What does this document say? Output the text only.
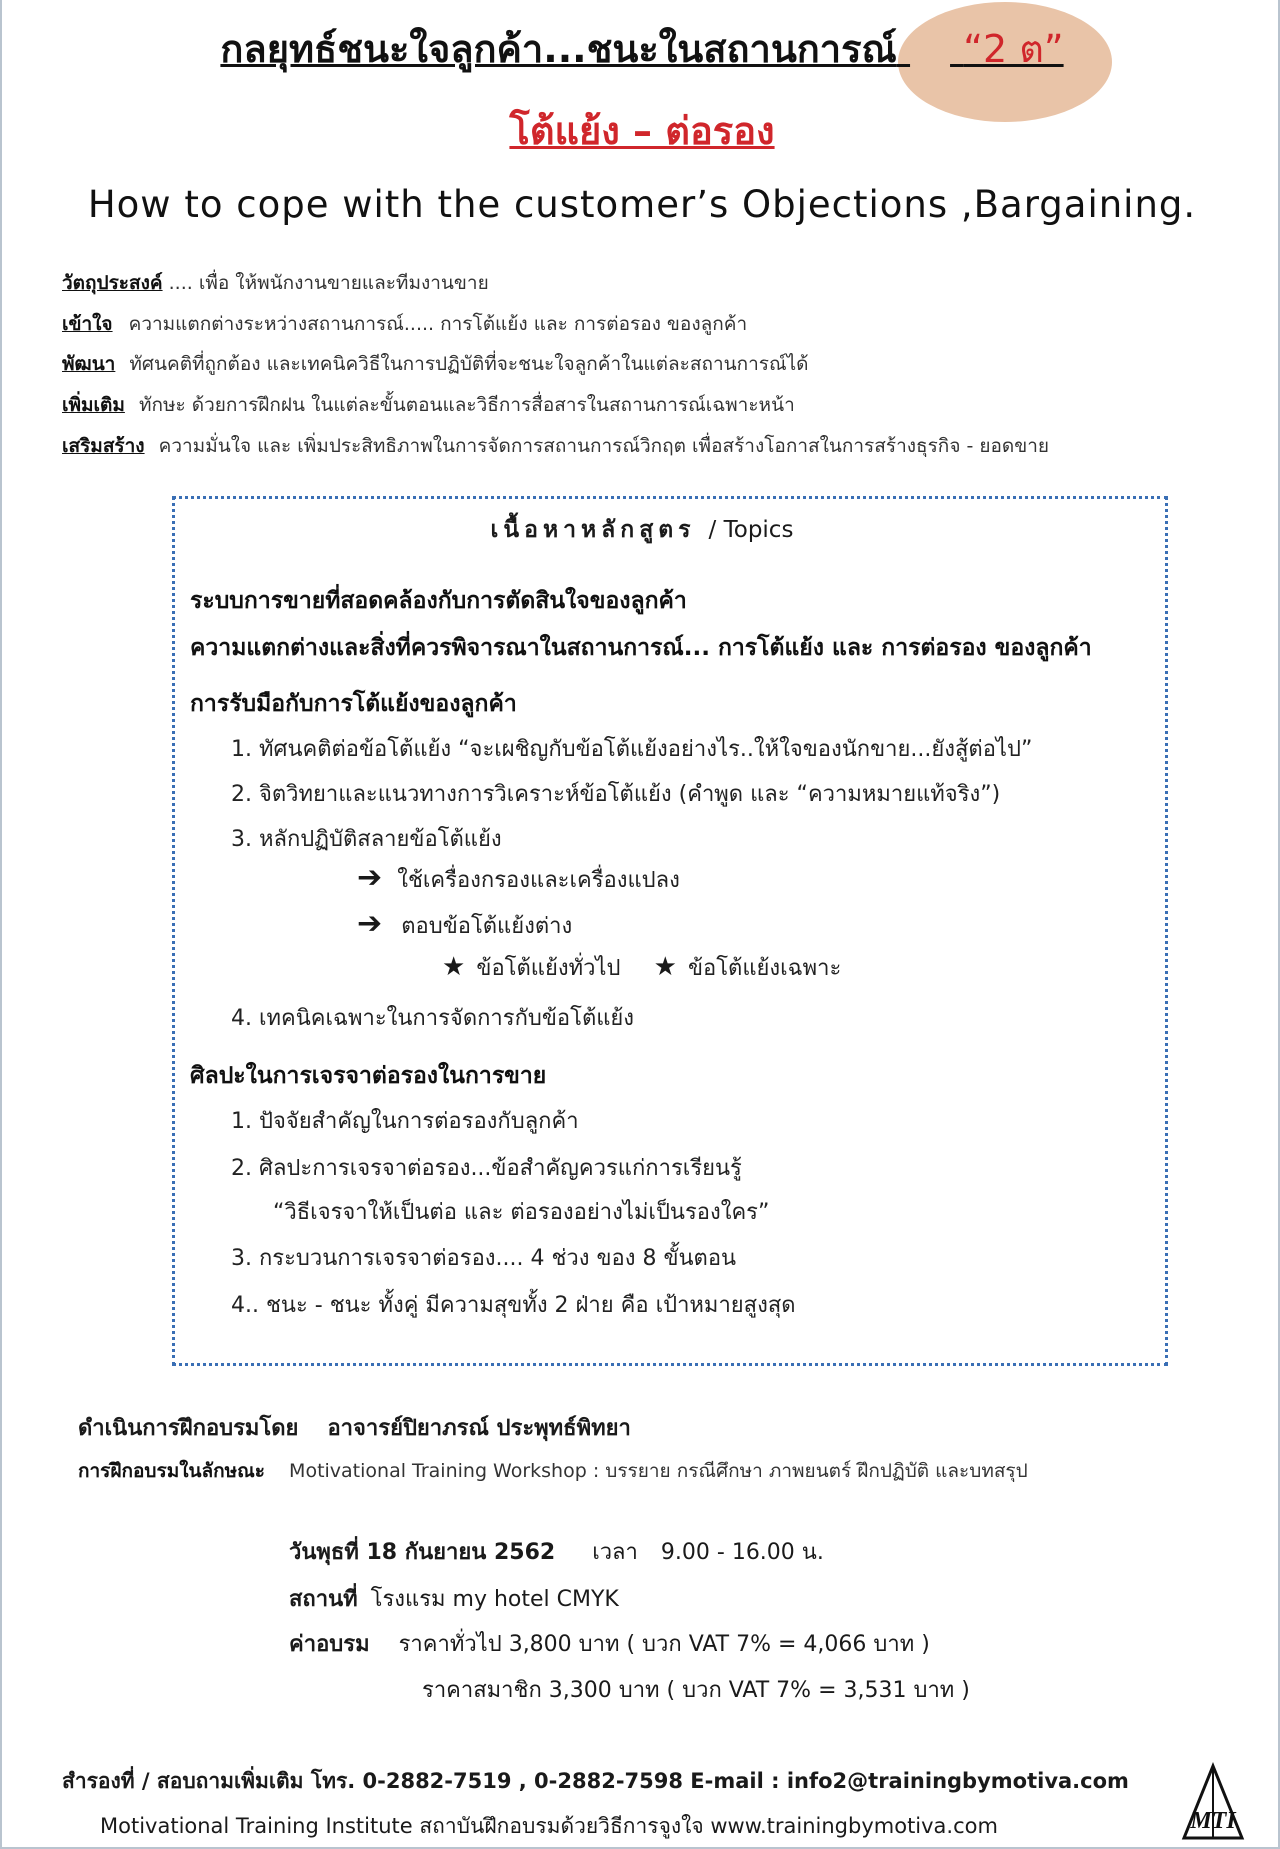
กลยุทธ์ชนะใจลูกค้า...ชนะในสถานการณ์ “2 ต”
โต้แย้ง – ต่อรอง
How to cope with the customer’s Objections ,Bargaining.
วัตถุประสงค์ .... เพื่อ ให้พนักงานขายและทีมงานขาย
เข้าใจ ความแตกต่างระหว่างสถานการณ์..... การโต้แย้ง และ การต่อรอง ของลูกค้า
พัฒนา ทัศนคติที่ถูกต้อง และเทคนิควิธีในการปฏิบัติที่จะชนะใจลูกค้าในแต่ละสถานการณ์ได้
เพิ่มเติม ทักษะ ด้วยการฝึกฝน ในแต่ละขั้นตอนและวิธีการสื่อสารในสถานการณ์เฉพาะหน้า
เสริมสร้าง ความมั่นใจ และ เพิ่มประสิทธิภาพในการจัดการสถานการณ์วิกฤต เพื่อสร้างโอกาสในการสร้างธุรกิจ - ยอดขาย
เนื้อหาหลักสูตร / Topics
ระบบการขายที่สอดคล้องกับการตัดสินใจของลูกค้า
ความแตกต่างและสิ่งที่ควรพิจารณาในสถานการณ์... การโต้แย้ง และ การต่อรอง ของลูกค้า
การรับมือกับการโต้แย้งของลูกค้า
1. ทัศนคติต่อข้อโต้แย้ง “จะเผชิญกับข้อโต้แย้งอย่างไร..ให้ใจของนักขาย...ยังสู้ต่อไป”
2. จิตวิทยาและแนวทางการวิเคราะห์ข้อโต้แย้ง (คำพูด และ “ความหมายแท้จริง”)
3. หลักปฏิบัติสลายข้อโต้แย้ง
➔ ใช้เครื่องกรองและเครื่องแปลง
➔ ตอบข้อโต้แย้งต่าง
★ ข้อโต้แย้งทั่วไป ★ ข้อโต้แย้งเฉพาะ
4. เทคนิคเฉพาะในการจัดการกับข้อโต้แย้ง
ศิลปะในการเจรจาต่อรองในการขาย
1. ปัจจัยสำคัญในการต่อรองกับลูกค้า
2. ศิลปะการเจรจาต่อรอง...ข้อสำคัญควรแก่การเรียนรู้
“วิธีเจรจาให้เป็นต่อ และ ต่อรองอย่างไม่เป็นรองใคร”
3. กระบวนการเจรจาต่อรอง.... 4 ช่วง ของ 8 ขั้นตอน
4.. ชนะ - ชนะ ทั้งคู่ มีความสุขทั้ง 2 ฝ่าย คือ เป้าหมายสูงสุด
ดำเนินการฝึกอบรมโดย อาจารย์ปิยาภรณ์ ประพุทธ์พิทยา
การฝึกอบรมในลักษณะ Motivational Training Workshop : บรรยาย กรณีศึกษา ภาพยนตร์ ฝึกปฏิบัติ และบทสรุป
วันพุธที่ 18 กันยายน 2562 เวลา 9.00 - 16.00 น.
สถานที่ โรงแรม my hotel CMYK
ค่าอบรม ราคาทั่วไป 3,800 บาท ( บวก VAT 7% = 4,066 บาท )
ราคาสมาชิก 3,300 บาท ( บวก VAT 7% = 3,531 บาท )
สำรองที่ / สอบถามเพิ่มเติม โทร. 0-2882-7519 , 0-2882-7598 E-mail : info2@trainingbymotiva.com
Motivational Training Institute สถาบันฝึกอบรมด้วยวิธีการจูงใจ www.trainingbymotiva.com	MTI
